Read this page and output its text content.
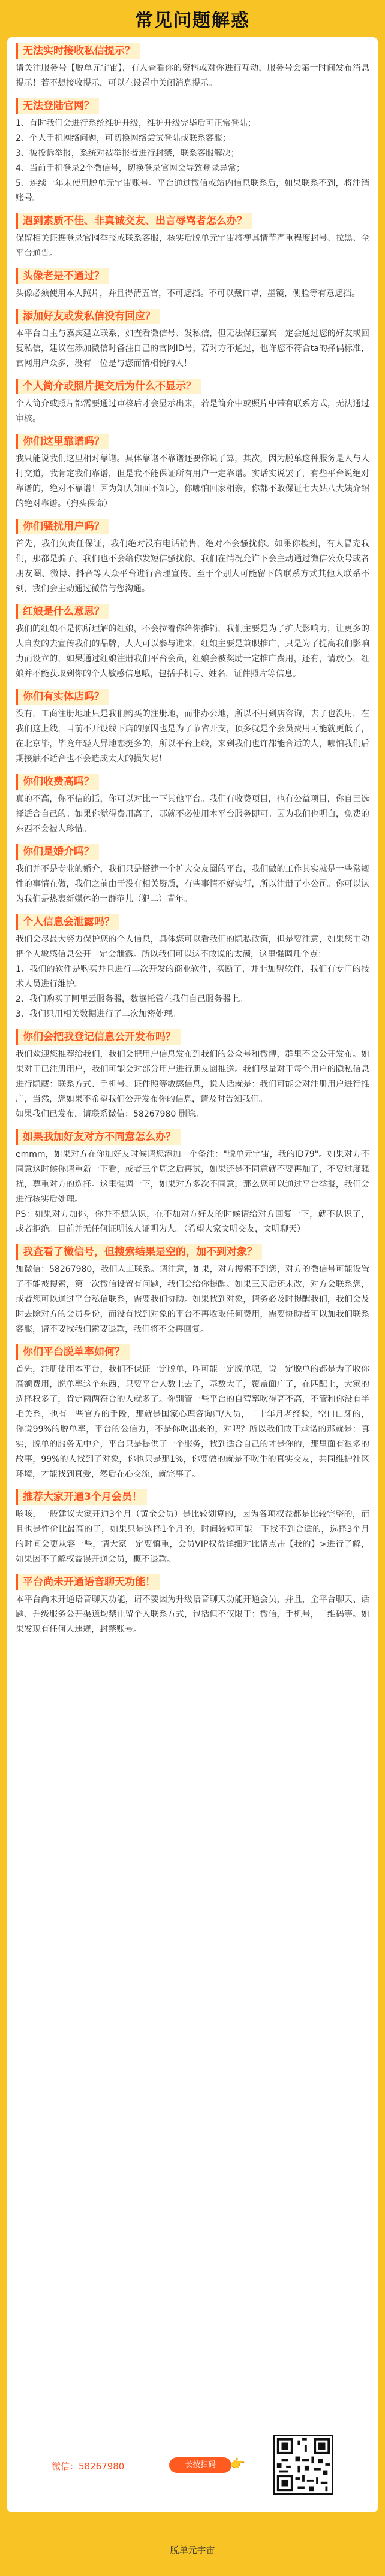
常见问题解惑
无法实时接收私信提示？
请关注服务号【脱单元宇宙】，有人查看你的资料或对你进行互动，服务号会第一时间发布消息提示！若不想接收提示，可以在设置中关闭消息提示。
无法登陆官网？
1、有时我们会进行系统维护升级，维护升级完毕后可正常登陆；
2、个人手机网络问题，可切换网络尝试登陆或联系客服；
3、被投诉举报，系统对被举报者进行封禁，联系客服解决；
4、当前手机登录2个微信号，切换登录官网会导致登录异常；
5、连续一年未使用脱单元宇宙账号。平台通过微信或站内信息联系后，如果联系不到，将注销账号。
遇到素质不佳、非真诚交友、出言辱骂者怎么办？
保留相关证据登录官网举报或联系客服，核实后脱单元宇宙将视其情节严重程度封号、拉黑、全平台通告。
头像老是不通过？
头像必须使用本人照片，并且得清五官，不可遮挡。不可以戴口罩，墨镜，侧脸等有意遮挡。
添加好友或发私信没有回应？
本平台自主与嘉宾建立联系，如查看微信号、发私信，但无法保证嘉宾一定会通过您的好友或回复私信，建议在添加微信时备注自己的官网ID号，若对方不通过，也许您不符合ta的择偶标准，官网用户众多，没有一位是与您而情相悦的人！
个人简介或照片提交后为什么不显示？
个人简介或照片都需要通过审核后才会显示出来，若是简介中或照片中带有联系方式，无法通过审核。
你们这里靠谱吗？
我只能说我们这里相对靠谱。具体靠谱不靠谱还要你说了算，其次，因为脱单这种服务是人与人打交道，我肯定我们靠谱，但是我不能保证所有用户一定靠谱。实话实说罢了，有些平台说绝对靠谱的，绝对不靠谱！因为知人知面不知心，你哪怕回家相亲，你都不敢保证七大姑八大姨介绍的绝对靠谱。（狗头保命）
你们骚扰用户吗？
首先，我们负责任保证，我们绝对没有电话销售，绝对不会骚扰你。如果你搜到，有人冒充我们，那都是骗子。我们也不会给你发短信骚扰你。我们在情况允许下会主动通过微信公众号或者朋友圈、微博、抖音等人众平台进行合理宣传。至于个别人可能留下的联系方式其他人联系不到，我们会主动通过微信与您沟通。
红娘是什么意思？
我们的红娘不是你所理解的红娘，不会拉着你给你推销，我们主要是为了扩大影响力，让更多的人自发的去宣传我们的品牌，人人可以参与进来，红娘主要是兼职推广，只是为了提高我们影响力而设立的，如果通过红娘注册我们平台会员，红娘会被奖励一定推广费用，还有，请放心，红娘并不能获取到你的个人敏感信息哦，包括手机号、姓名，证件照片等信息。
你们有实体店吗？
没有，工商注册地址只是我们购买的注册地，而非办公地，所以不用到店咨询，去了也没用，在我们这上线，目前不开设线下店的原因也是为了节省开支，顶多就是个会员费用可能就更低了，在北京毕，毕竟年轻人异地恋挺多的，所以平台上线，来到我们也许都能合适的人，哪怕我们后期接触不适合也不会造成太大的损失呢！
你们收费高吗？
真的不高，你不信的话，你可以对比一下其他平台。我们有收费项目，也有公益项目，你自己选择适合自己的。如果你觉得费用高了，那就不必使用本平台服务即可。因为我们也明白，免费的东西不会被人珍惜。
你们是婚介吗？
我们并不是专业的婚介，我们只是搭建一个扩大交友圈的平台，我们做的工作其实就是一些常规性的事情在做，我们之前由于没有相关资质，有些事情不好实行，所以注册了小公司。你可以认为我们是热衷新媒体的一群范儿（犯二）青年。
个人信息会泄露吗？
我们会尽最大努力保护您的个人信息，具体您可以看我们的隐私政策，但是要注意，如果您主动把个人敏感信息公开一定会泄露。所以我们可以这不敢说的太满，这里强调几个点：
1、我们的软件是购买并且进行二次开发的商业软件，买断了，并非加盟软件，我们有专门的技术人员进行维护。
2、我们购买了阿里云服务器，数据托管在我们自己服务器上。
3、我们只用相关数据进行了二次加密处理。
你们会把我登记信息公开发布吗？
我们欢迎您推荐给我们，我们会把用户信息发布到我们的公众号和微博，群里不会公开发布。如果对于已注册用户，我们可能会对部分用户进行朋友圈推送。我们尽量对于每个用户的隐私信息进行隐藏：联系方式、手机号、证件照等敏感信息，说人话就是：我们可能会对注册用户进行推广，当然，您如果不希望我们公开发布你的信息，请及时告知我们。
如果我们已发布，请联系微信：58267980 删除。
如果我加好友对方不同意怎么办？
emmm，如果对方在你加好友时候请您添加一个备注："脱单元宇宙，我的ID79"。如果对方不同意这时候你请重新一下看，或者三个周之后再试，如果还是不同意就不要再加了，不要过度骚扰，尊重对方的选择。这里强调一下，如果对方多次不同意，那么您可以通过平台举报，我们会进行核实后处理。
PS：如果对方加你，你并不想认识，在不加对方好友的时候请给对方回复一下，就不认识了，或者拒绝。目前并无任何证明该人证明为人。（希望大家文明交友，文明聊天）
我查看了微信号，但搜索结果是空的，加不到对象？
加微信：58267980，我们人工联系。请注意，如果，对方搜索不到您，对方的微信号可能设置了不能被搜索，第一次微信设置有问题，我们会给你提醒。如果三天后还未改，对方会联系您，或者您可以通过平台私信联系，需要我们协助。如果找到对象，请务必及时提醒我们，我们会及时去除对方的会员身份，而没有找到对象的平台不再收取任何费用，需要协助者可以加我们联系客服，请不要找我们索要退款，我们将不会再回复。
你们平台脱单率如何？
首先，注册使用本平台，我们不保证一定脱单，咋可能一定脱单呢，说一定脱单的都是为了收你高额费用，脱单率这个东西，只要平台人数上去了，基数大了，覆盖面广了，在匹配上，大家的选择权多了，肯定两两符合的人就多了。你别管一些平台的自营率吹得高不高，不管和你没有半毛关系，也有一些官方的手段，那就是国家心理咨询师/人员，二十年月老经验，空口白牙的，你说99%的脱单率，平台的公信力，不是你吹出来的，对吧？所以我们敢于承诺的那就是：真实，脱单的服务无中介，平台只是提供了一个服务，找到适合自己的才是你的，那里面有很多的故事，99%的人找到了对象，你也只是那1%，你要做的就是不吹牛的真实交友，共同维护社区环境，才能找到真爱，然后在心交流，就完事了。
推荐大家开通3个月会员！
咳咳，一般建议大家开通3个月（黄金会员）是比较划算的，因为各项权益都是比较完整的，而且也是性价比最高的了，如果只是选择1个月的，时间较短可能一下找不到合适的，选择3个月的时间会更从容一些，请大家一定要慎重，会员VIP权益详细对比请点击【我的】>进行了解，如果因不了解权益误开通会员，概不退款。
平台尚未开通语音聊天功能！
本平台尚未开通语音聊天功能，请不要因为升级语音聊天功能开通会员，并且，全平台聊天、话题、升级服务公开渠道均禁止留个人联系方式，包括但不仅限于：微信，手机号，二维码等。如果发现有任何人违规，封禁账号。
微信：58267980	长按扫码	👉
脱单元宇宙
